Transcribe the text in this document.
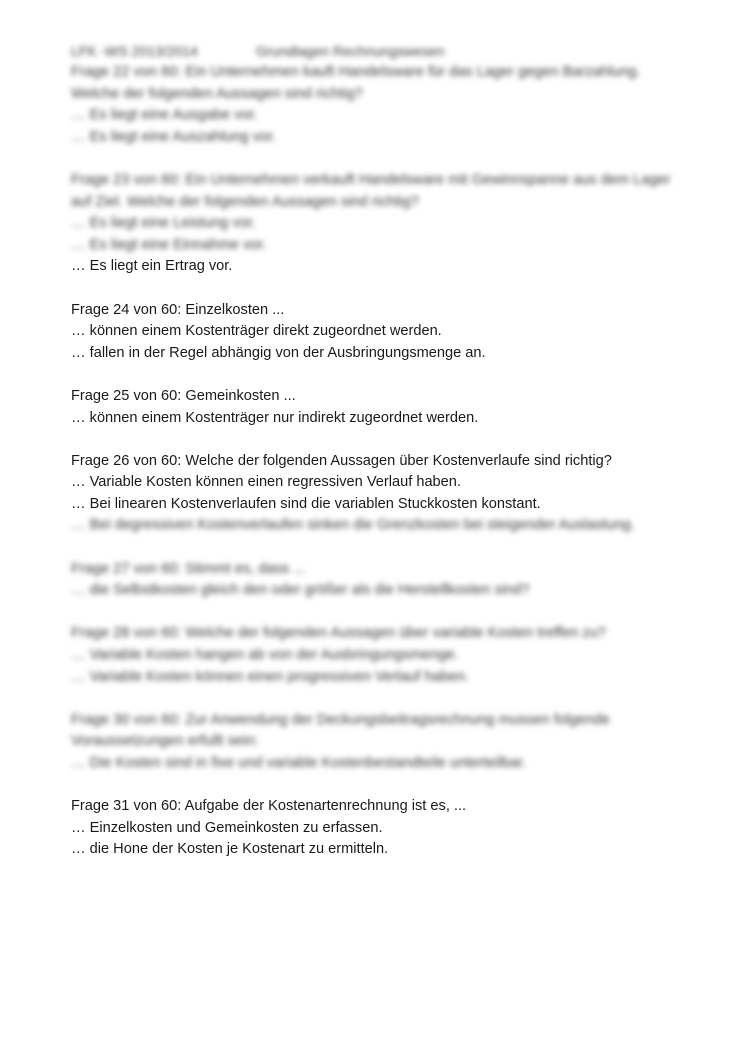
LFK -WS 2013/2014	Grundlagen Rechnungswesen
Frage 22 von 60: Ein Unternehmen kauft Handelsware für das Lager gegen Barzahlung. Welche der folgenden Aussagen sind richtig?
… Es liegt eine Ausgabe vor.
… Es liegt eine Auszahlung vor.
Frage 23 von 60: Ein Unternehmen verkauft Handelsware mit Gewinnspanne aus dem Lager auf Ziel. Welche der folgenden Aussagen sind richtig?
… Es liegt eine Leistung vor.
… Es liegt eine Einnahme vor.
… Es liegt ein Ertrag vor.
Frage 24 von 60: Einzelkosten ...
… können einem Kostenträger direkt zugeordnet werden.
… fallen in der Regel abhängig von der Ausbringungsmenge an.
Frage 25 von 60: Gemeinkosten ...
… können einem Kostenträger nur indirekt zugeordnet werden.
Frage 26 von 60: Welche der folgenden Aussagen über Kostenverlaufe sind richtig?
… Variable Kosten können einen regressiven Verlauf haben.
… Bei linearen Kostenverlaufen sind die variablen Stuckkosten konstant.
… Bei degressiven Kostenverlaufen sinken die Grenzkosten bei steigender Auslastung.
Frage 27 von 60: Stimmt es, dass ...
… die Selbstkosten gleich den oder größer als die Herstellkosten sind?
Frage 28 von 60: Welche der folgenden Aussagen über variable Kosten treffen zu?
… Variable Kosten hangen ab von der Ausbringungsmenge.
… Variable Kosten können einen progressiven Verlauf haben.
Frage 30 von 60: Zur Anwendung der Deckungsbeitragsrechnung mussen folgende Voraussetzungen erfullt sein:
… Die Kosten sind in fixe und variable Kostenbestandteile unterteilbar.
Frage 31 von 60: Aufgabe der Kostenartenrechnung ist es, ...
… Einzelkosten und Gemeinkosten zu erfassen.
… die Hone der Kosten je Kostenart zu ermitteln.
